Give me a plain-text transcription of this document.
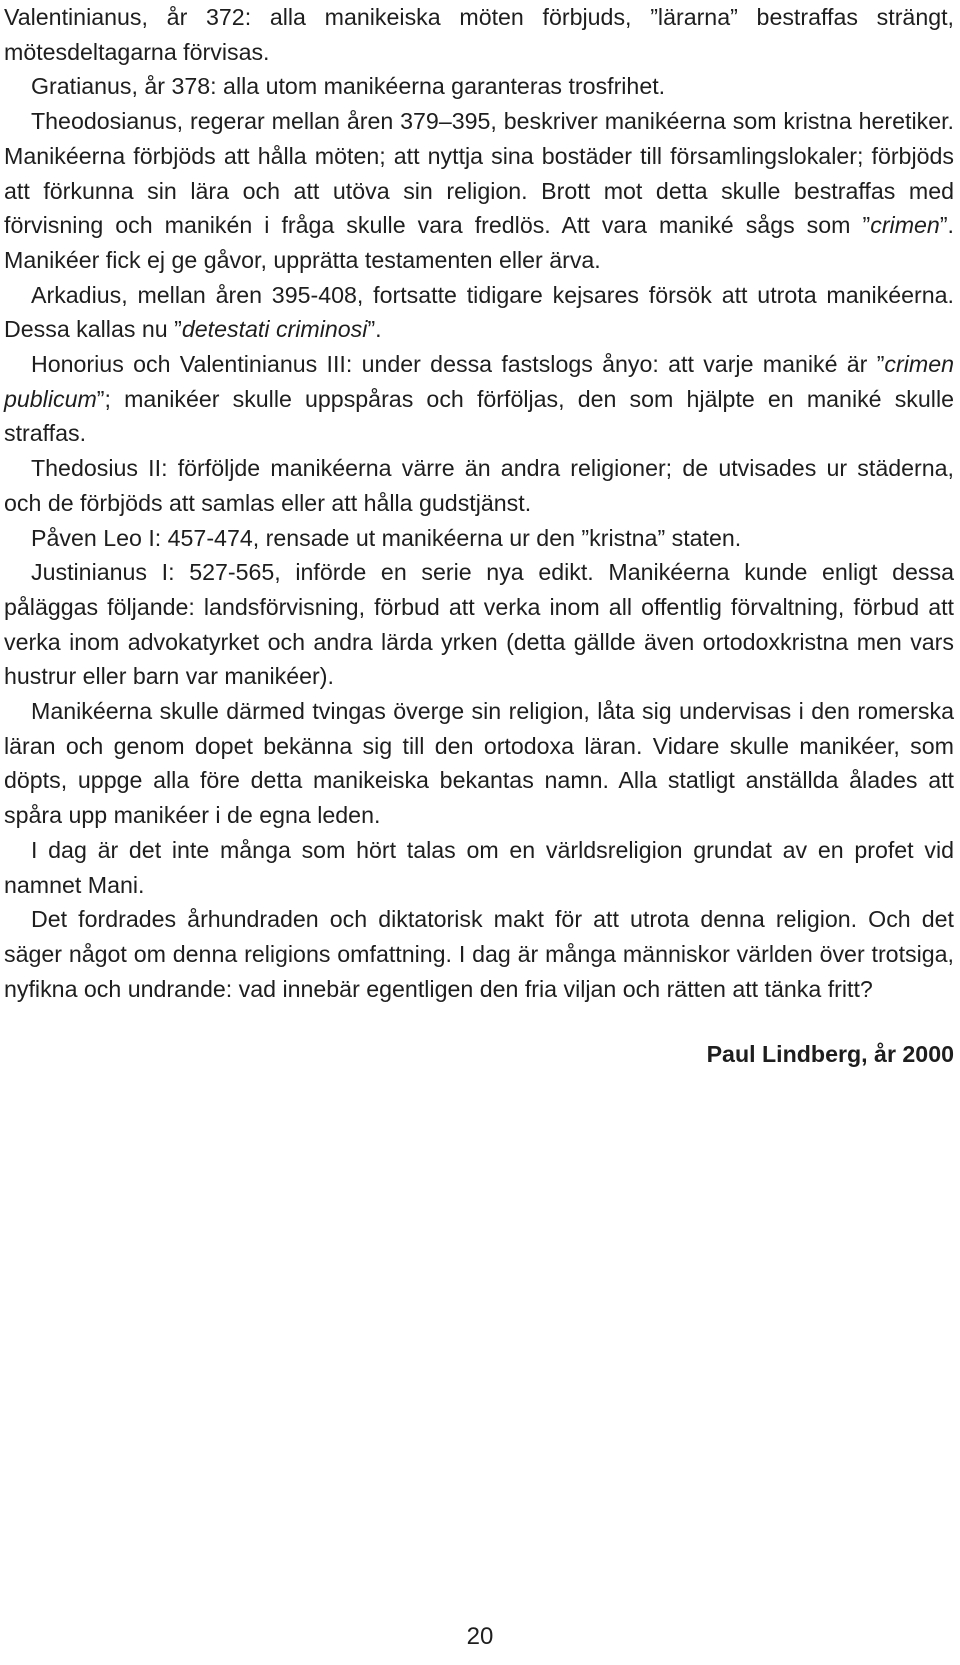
Valentinianus, år 372: alla manikeiska möten förbjuds, ”lärarna” bestraffas strängt, mötesdeltagarna förvisas.

Gratianus, år 378: alla utom manikéerna garanteras trosfrihet.

Theodosianus, regerar mellan åren 379–395, beskriver manikéerna som kristna heretiker. Manikéerna förbjöds att hålla möten; att nyttja sina bostäder till församlingslokaler; förbjöds att förkunna sin lära och att utöva sin religion. Brott mot detta skulle bestraffas med förvisning och manikén i fråga skulle vara fredlös. Att vara maniké sågs som ”crimen”. Manikéer fick ej ge gåvor, upprätta testamenten eller ärva.

Arkadius, mellan åren 395-408, fortsatte tidigare kejsares försök att utrota manikéerna. Dessa kallas nu ”detestati criminosi”.

Honorius och Valentinianus III: under dessa fastslogs ånyo: att varje maniké är ”crimen publicum”; manikéer skulle uppspåras och förföljas, den som hjälpte en maniké skulle straffas.

Thedosius II: förföljde manikéerna värre än andra religioner; de utvisades ur städerna, och de förbjöds att samlas eller att hålla gudstjänst.

Påven Leo I: 457-474, rensade ut manikéerna ur den ”kristna” staten.

Justinianus I: 527-565, införde en serie nya edikt. Manikéerna kunde enligt dessa påläggas följande: landsförvisning, förbud att verka inom all offentlig förvaltning, förbud att verka inom advokatyrket och andra lärda yrken (detta gällde även ortodoxkristna men vars hustrur eller barn var manikéer).

Manikéerna skulle därmed tvingas överge sin religion, låta sig undervisas i den romerska läran och genom dopet bekänna sig till den ortodoxa läran. Vidare skulle manikéer, som döpts, uppge alla före detta manikeiska bekantas namn. Alla statligt anställda ålades att spåra upp manikéer i de egna leden.

I dag är det inte många som hört talas om en världsreligion grundat av en profet vid namnet Mani.

Det fordrades århundraden och diktatorisk makt för att utrota denna religion. Och det säger något om denna religions omfattning. I dag är många människor världen över trotsiga, nyfikna och undrande: vad innebär egentligen den fria viljan och rätten att tänka fritt?

Paul Lindberg, år 2000
20
